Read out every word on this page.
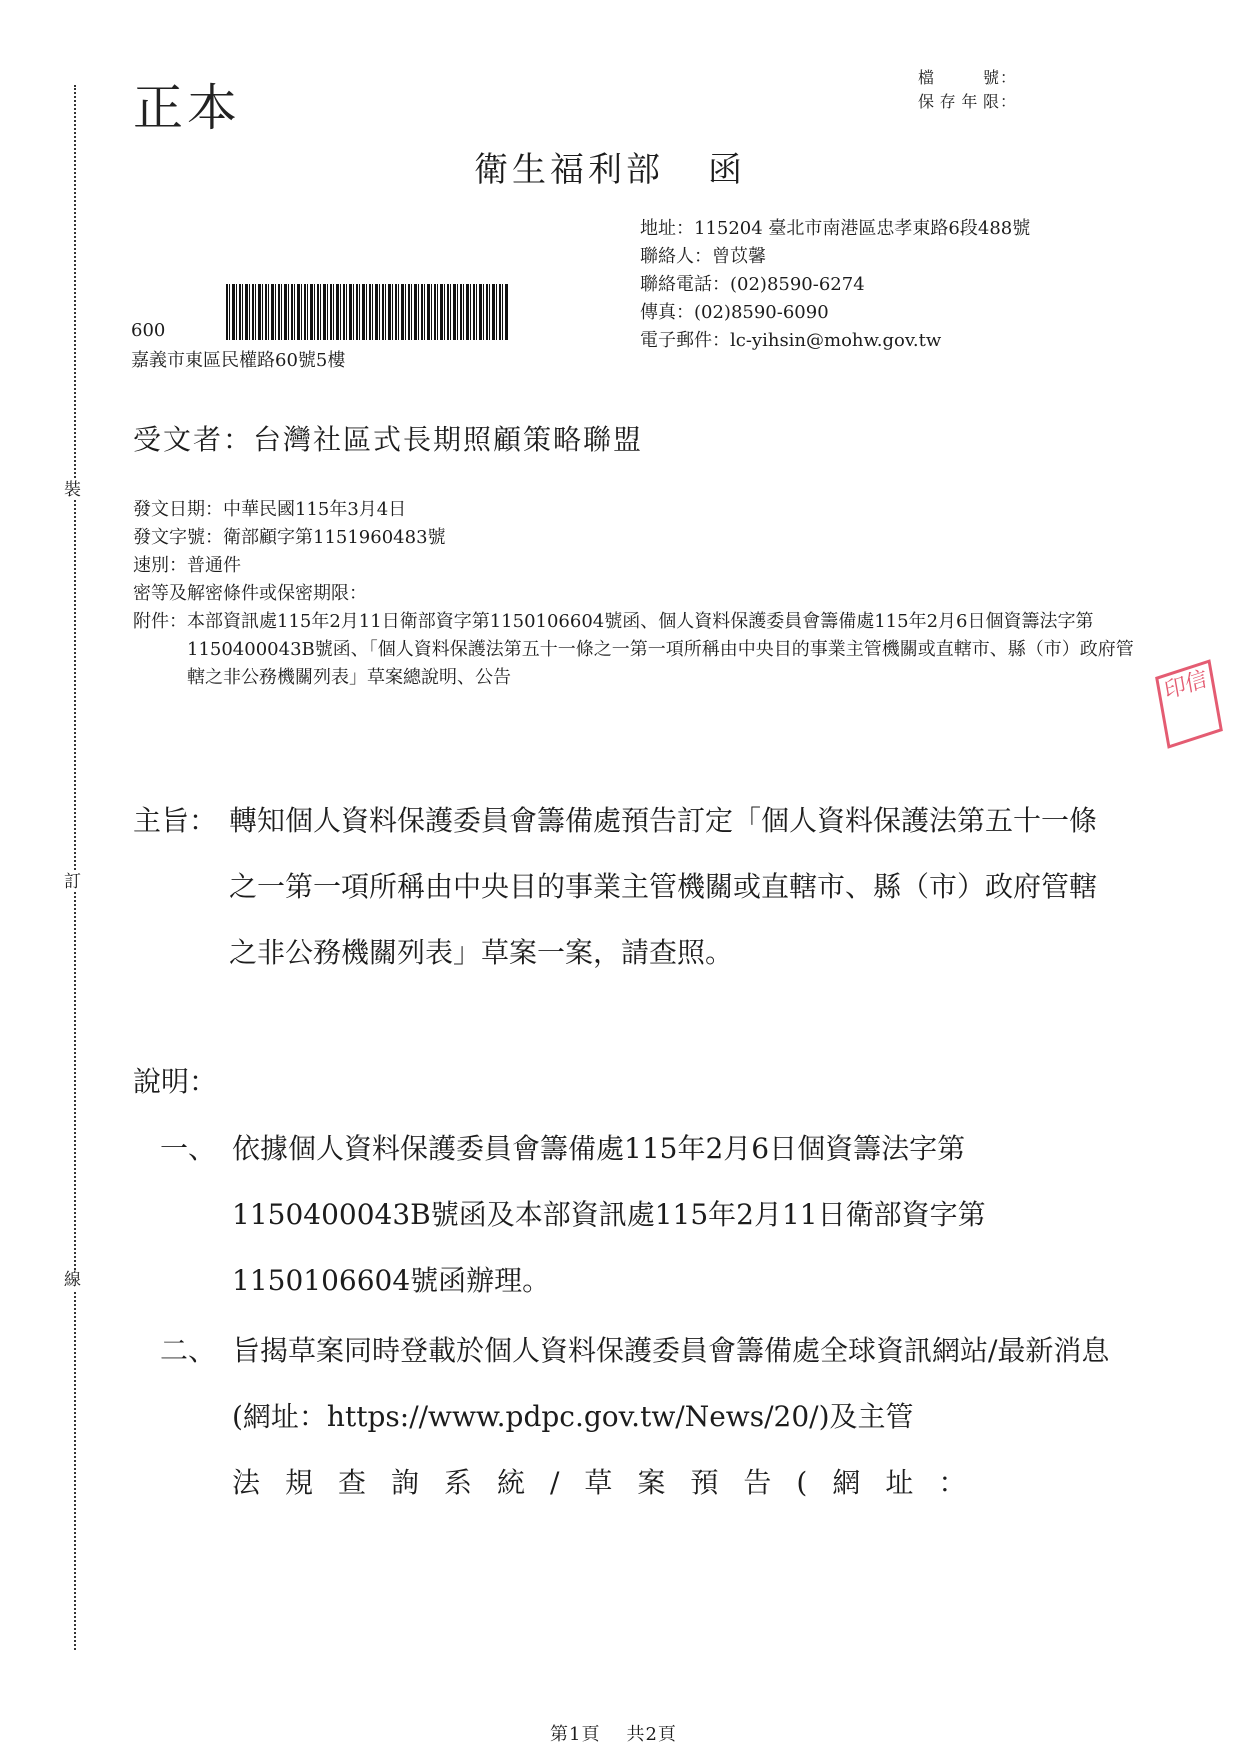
裝
訂
線
正本
檔號 ：
保存年限 ：
衛生福利部 函
地址：115204 臺北市南港區忠孝東路6段488號
聯絡人：曾苡馨
聯絡電話：(02)8590-6274
傳真：(02)8590-6090
電子郵件：lc-yihsin@mohw.gov.tw
600
嘉義市東區民權路60號5樓
受文者：台灣社區式長期照顧策略聯盟
發文日期：中華民國115年3月4日
發文字號：衛部顧字第1151960483號
速別：普通件
密等及解密條件或保密期限：
附件： 本部資訊處115年2月11日衛部資字第1150106604號函、個人資料保護委員會籌備處115年2月6日個資籌法字第1150400043B號函、「個人資料保護法第五十一條之一第一項所稱由中央目的事業主管機關或直轄市、縣（市）政府管轄之非公務機關列表」草案總說明、公告	印信
主旨： 轉知個人資料保護委員會籌備處預告訂定「個人資料保護法第五十一條之一第一項所稱由中央目的事業主管機關或直轄市、縣（市）政府管轄之非公務機關列表」草案一案，請查照。
說明：
一、 依據個人資料保護委員會籌備處115年2月6日個資籌法字第1150400043B號函及本部資訊處115年2月11日衛部資字第1150106604號函辦理。
二、 旨揭草案同時登載於個人資料保護委員會籌備處全球資訊網站/最新消息(網址：https://www.pdpc.gov.tw/News/20/)及主管
法規查詢系統/草案預告(網址：
第1頁 共2頁
